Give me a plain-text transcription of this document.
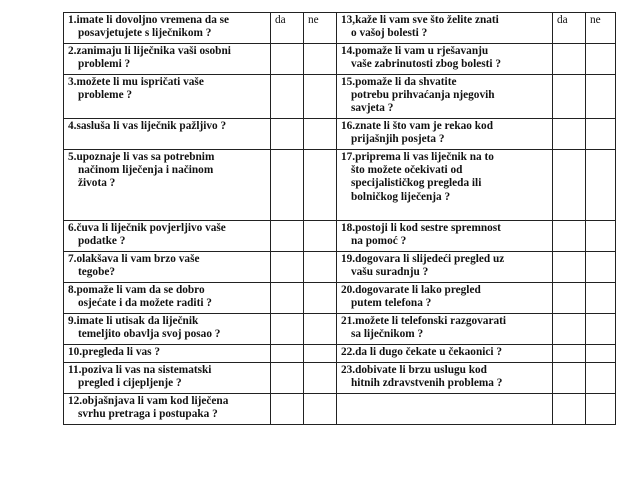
1.imate li dovoljno vremena da se
posavjetujete s liječnikom ?	da	ne	13,kaže li vam sve što želite znati
o vašoj bolesti ?	da	ne
2.zanimaju li liječnika vaši osobni
problemi ?			14.pomaže li vam u rješavanju
vaše zabrinutosti zbog bolesti ?		

3.možete li mu ispričati vaše
probleme ?			15.pomaže li da shvatite
potrebu prihvaćanja njegovih
savjeta ?		

4.sasluša li vas liječnik pažljivo ?			16.znate li što vam je rekao kod
prijašnjih posjeta ?		

5.upoznaje li vas sa potrebnim
načinom liječenja i načinom
života ?			17.priprema li vas liječnik na to
što možete očekivati od
specijalističkog pregleda ili
bolničkog liječenja ?		

6.čuva li liječnik povjerljivo vaše
podatke ?			18.postoji li kod sestre spremnost
na pomoć ?		

7.olakšava li vam brzo vaše
tegobe?			19.dogovara li slijedeći pregled uz
vašu suradnju ?		

8.pomaže li vam da se dobro
osjećate i da možete raditi ?			20.dogovarate li lako pregled
putem telefona ?		

9.imate li utisak da liječnik
temeljito obavlja svoj posao ?			21.možete li telefonski razgovarati
sa liječnikom ?		

10.pregleda li vas ?			22.da li dugo čekate u čekaonici ?		
11.poziva li vas na sistematski
pregled i cijepljenje ?			23.dobivate li brzu uslugu kod
hitnih zdravstvenih problema ?		

12.objašnjava li vam kod liječena
svrhu pretraga i postupaka ?					
